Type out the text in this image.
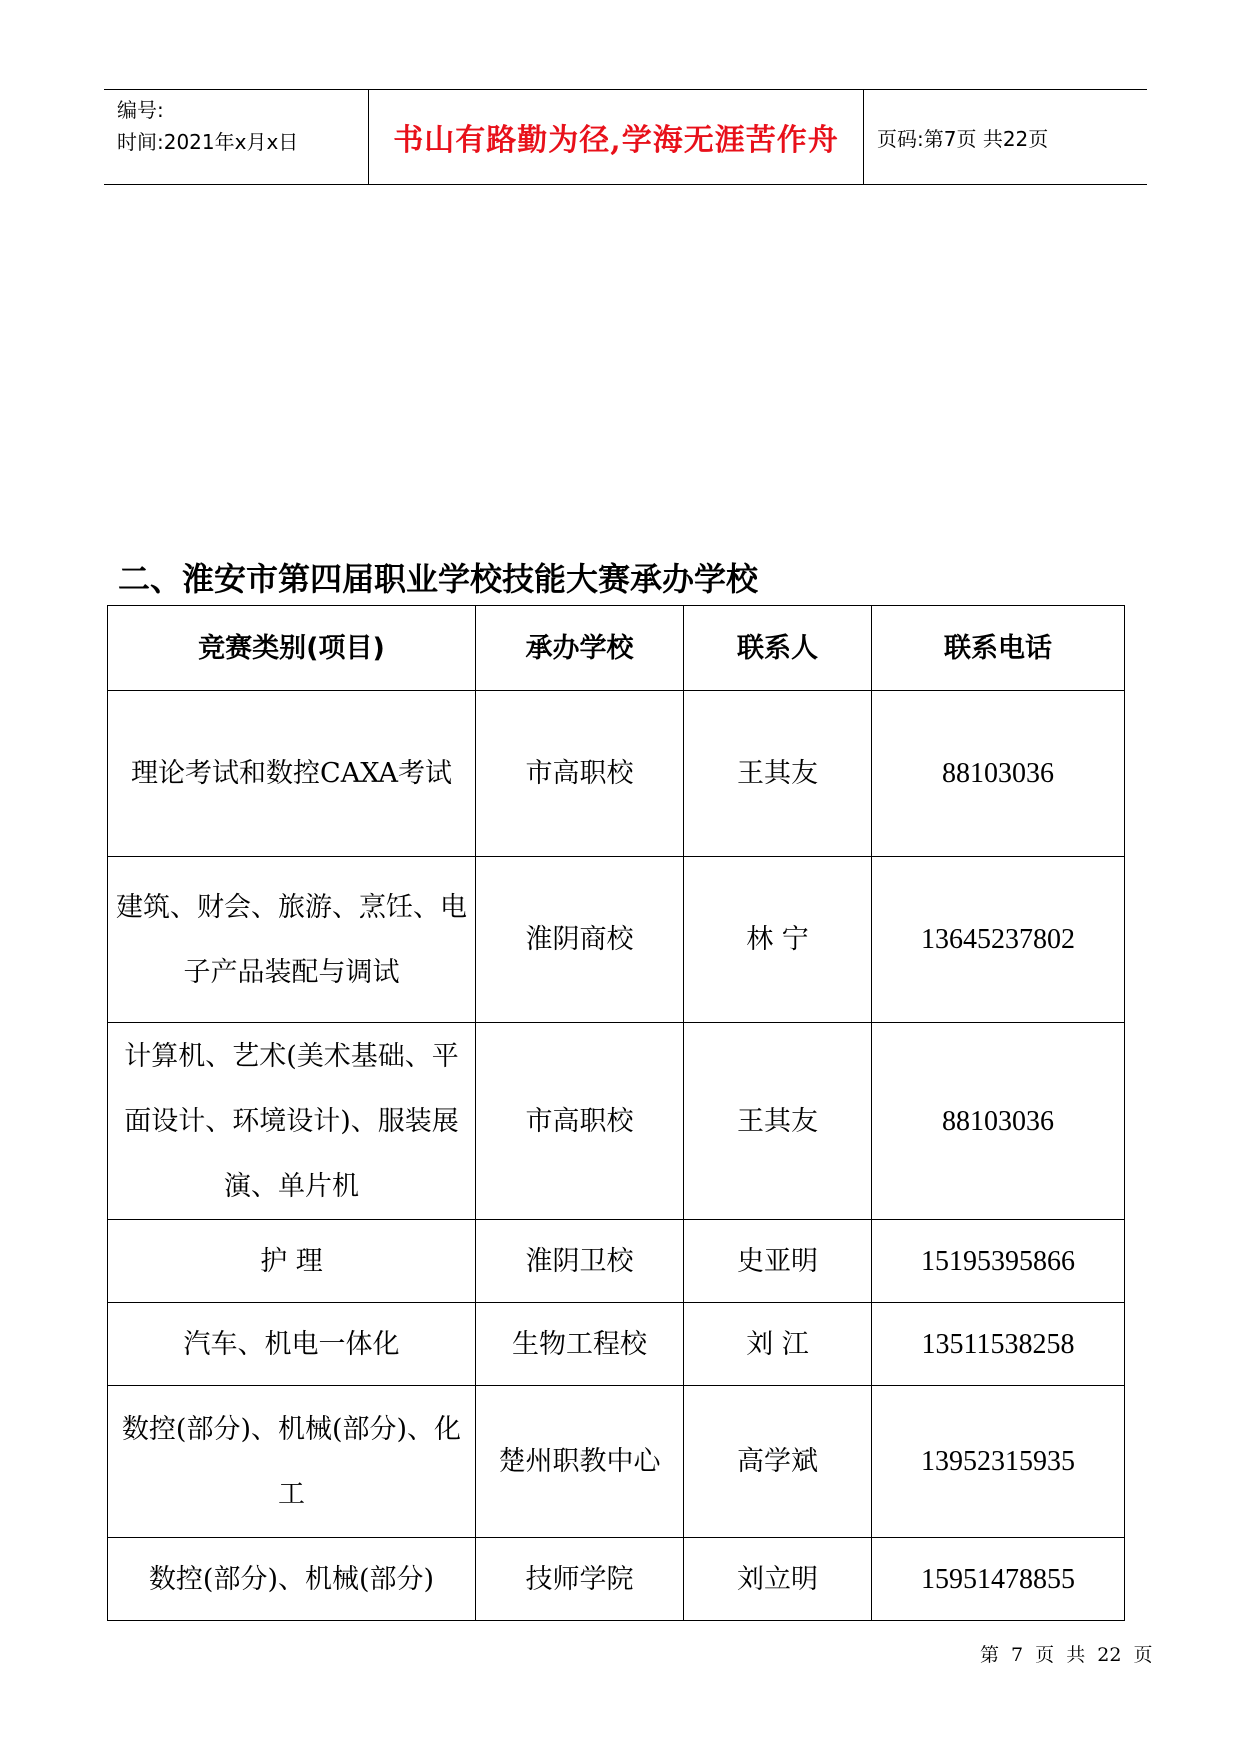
编号:
时间:2021年x月x日	书山有路勤为径,学海无涯苦作舟 页码:第7页 共22页
二、淮安市第四届职业学校技能大赛承办学校
竞赛类别(项目)	承办学校	联系人	联系电话
理论考试和数控CAXA考试	市高职校	王其友	88103036
建筑、财会、旅游、烹饪、电子产品装配与调试	淮阴商校	林 宁	13645237802
计算机、艺术(美术基础、平面设计、环境设计)、服装展演、单片机	市高职校	王其友	88103036
护 理	淮阴卫校	史亚明	15195395866
汽车、机电一体化	生物工程校	刘 江	13511538258
数控(部分)、机械(部分)、化工	楚州职教中心	高学斌	13952315935
数控(部分)、机械(部分)	技师学院	刘立明	15951478855
第 7 页 共 22 页
